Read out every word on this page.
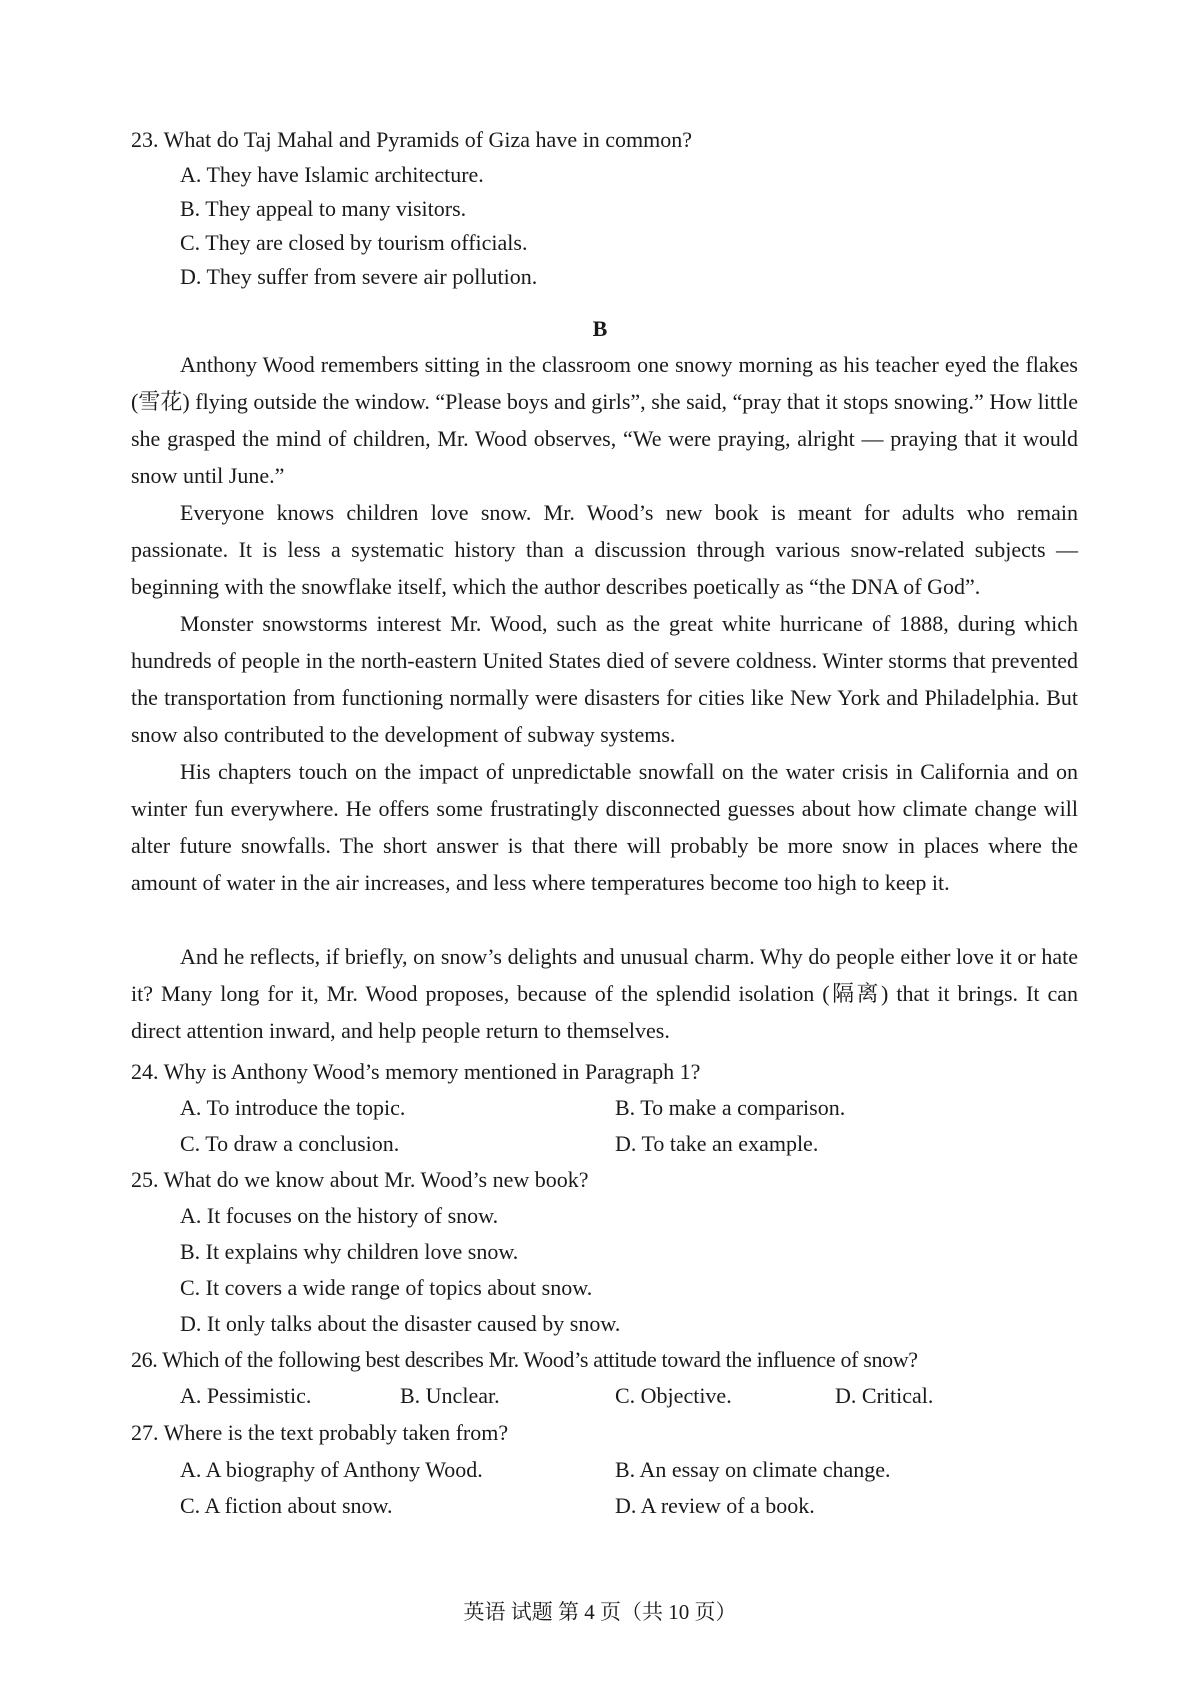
23. What do Taj Mahal and Pyramids of Giza have in common?
A. They have Islamic architecture.
B. They appeal to many visitors.
C. They are closed by tourism officials.
D. They suffer from severe air pollution.
B

Anthony Wood remembers sitting in the classroom one snowy morning as his teacher eyed the flakes (雪花) flying outside the window. “Please boys and girls”, she said, “pray that it stops snowing.” How little she grasped the mind of children, Mr. Wood observes, “We were praying, alright — praying that it would snow until June.”

Everyone knows children love snow. Mr. Wood’s new book is meant for adults who remain passionate. It is less a systematic history than a discussion through various snow-related subjects — beginning with the snowflake itself, which the author describes poetically as “the DNA of God”.

Monster snowstorms interest Mr. Wood, such as the great white hurricane of 1888, during which hundreds of people in the north-eastern United States died of severe coldness. Winter storms that prevented the transportation from functioning normally were disasters for cities like New York and Philadelphia. But snow also contributed to the development of subway systems.

His chapters touch on the impact of unpredictable snowfall on the water crisis in California and on winter fun everywhere. He offers some frustratingly disconnected guesses about how climate change will alter future snowfalls. The short answer is that there will probably be more snow in places where the amount of water in the air increases, and less where temperatures become too high to keep it.

And he reflects, if briefly, on snow’s delights and unusual charm. Why do people either love it or hate it? Many long for it, Mr. Wood proposes, because of the splendid isolation (隔离) that it brings. It can direct attention inward, and help people return to themselves.

24. Why is Anthony Wood’s memory mentioned in Paragraph 1?
A. To introduce the topic.	B. To make a comparison.
C. To draw a conclusion.	D. To take an example.
25. What do we know about Mr. Wood’s new book?
A. It focuses on the history of snow.
B. It explains why children love snow.
C. It covers a wide range of topics about snow.
D. It only talks about the disaster caused by snow.
26. Which of the following best describes Mr. Wood’s attitude toward the influence of snow?
A. Pessimistic.	B. Unclear.	C. Objective.	D. Critical.
27. Where is the text probably taken from?
A. A biography of Anthony Wood.	B. An essay on climate change.
C. A fiction about snow.	D. A review of a book.
英语 试题 第 4 页（共 10 页）
